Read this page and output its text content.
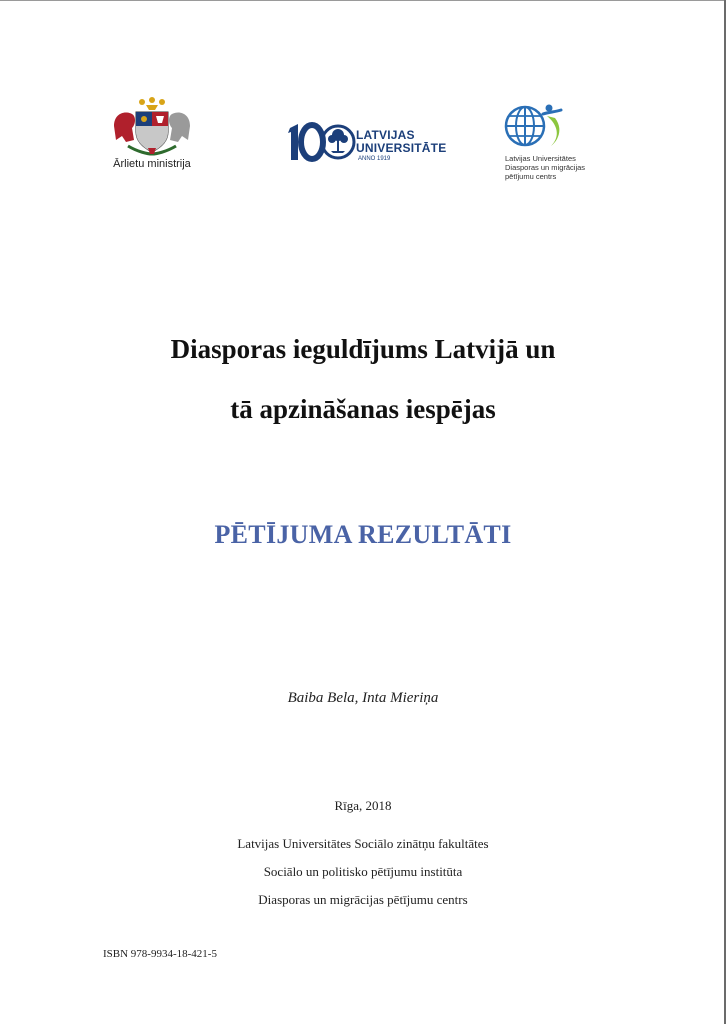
Ārlietu ministrija
LATVIJAS
UNIVERSITĀTE
ANNO 1919	Latvijas Universitātes
Diasporas un migrācijas
pētījumu centrs
Diasporas ieguldījums Latvijā un
tā apzināšanas iespējas
PĒTĪJUMA REZULTĀTI
Baiba Bela, Inta Mieriņa
Rīga, 2018
Latvijas Universitātes Sociālo zinātņu fakultātes
Sociālo un politisko pētījumu institūta
Diasporas un migrācijas pētījumu centrs
ISBN 978-9934-18-421-5
